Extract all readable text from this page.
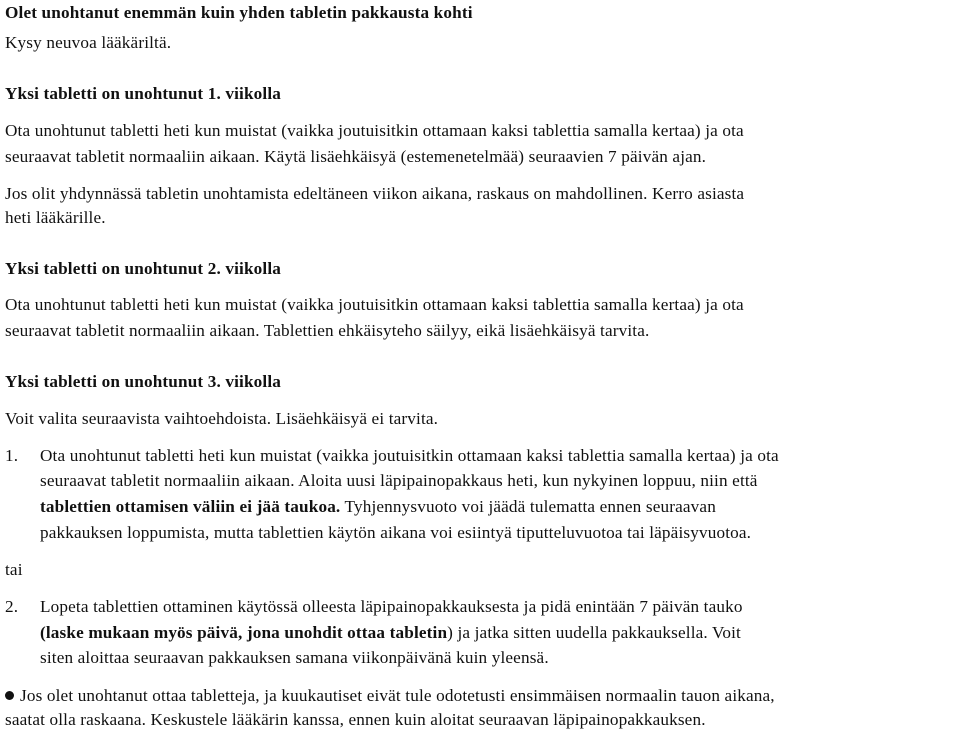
Olet unohtanut enemmän kuin yhden tabletin pakkausta kohti
Kysy neuvoa lääkäriltä.
Yksi tabletti on unohtunut 1. viikolla
Ota unohtunut tabletti heti kun muistat (vaikka joutuisitkin ottamaan kaksi tablettia samalla kertaa) ja ota
seuraavat tabletit normaaliin aikaan. Käytä lisäehkäisyä (estemenetelmää) seuraavien 7 päivän ajan.
Jos olit yhdynnässä tabletin unohtamista edeltäneen viikon aikana, raskaus on mahdollinen. Kerro asiasta
heti lääkärille.
Yksi tabletti on unohtunut 2. viikolla
Ota unohtunut tabletti heti kun muistat (vaikka joutuisitkin ottamaan kaksi tablettia samalla kertaa) ja ota
seuraavat tabletit normaaliin aikaan. Tablettien ehkäisyteho säilyy, eikä lisäehkäisyä tarvita.
Yksi tabletti on unohtunut 3. viikolla
Voit valita seuraavista vaihtoehdoista. Lisäehkäisyä ei tarvita.
1. Ota unohtunut tabletti heti kun muistat (vaikka joutuisitkin ottamaan kaksi tablettia samalla kertaa) ja ota
seuraavat tabletit normaaliin aikaan. Aloita uusi läpipainopakkaus heti, kun nykyinen loppuu, niin että
tablettien ottamisen väliin ei jää taukoa. Tyhjennysvuoto voi jäädä tulematta ennen seuraavan
pakkauksen loppumista, mutta tablettien käytön aikana voi esiintyä tiputteluvuotoa tai läpäisyvuotoa.
tai
2. Lopeta tablettien ottaminen käytössä olleesta läpipainopakkauksesta ja pidä enintään 7 päivän tauko
(laske mukaan myös päivä, jona unohdit ottaa tabletin) ja jatka sitten uudella pakkauksella. Voit
siten aloittaa seuraavan pakkauksen samana viikonpäivänä kuin yleensä.
Jos olet unohtanut ottaa tabletteja, ja kuukautiset eivät tule odotetusti ensimmäisen normaalin tauon aikana,
saatat olla raskaana. Keskustele lääkärin kanssa, ennen kuin aloitat seuraavan läpipainopakkauksen.
